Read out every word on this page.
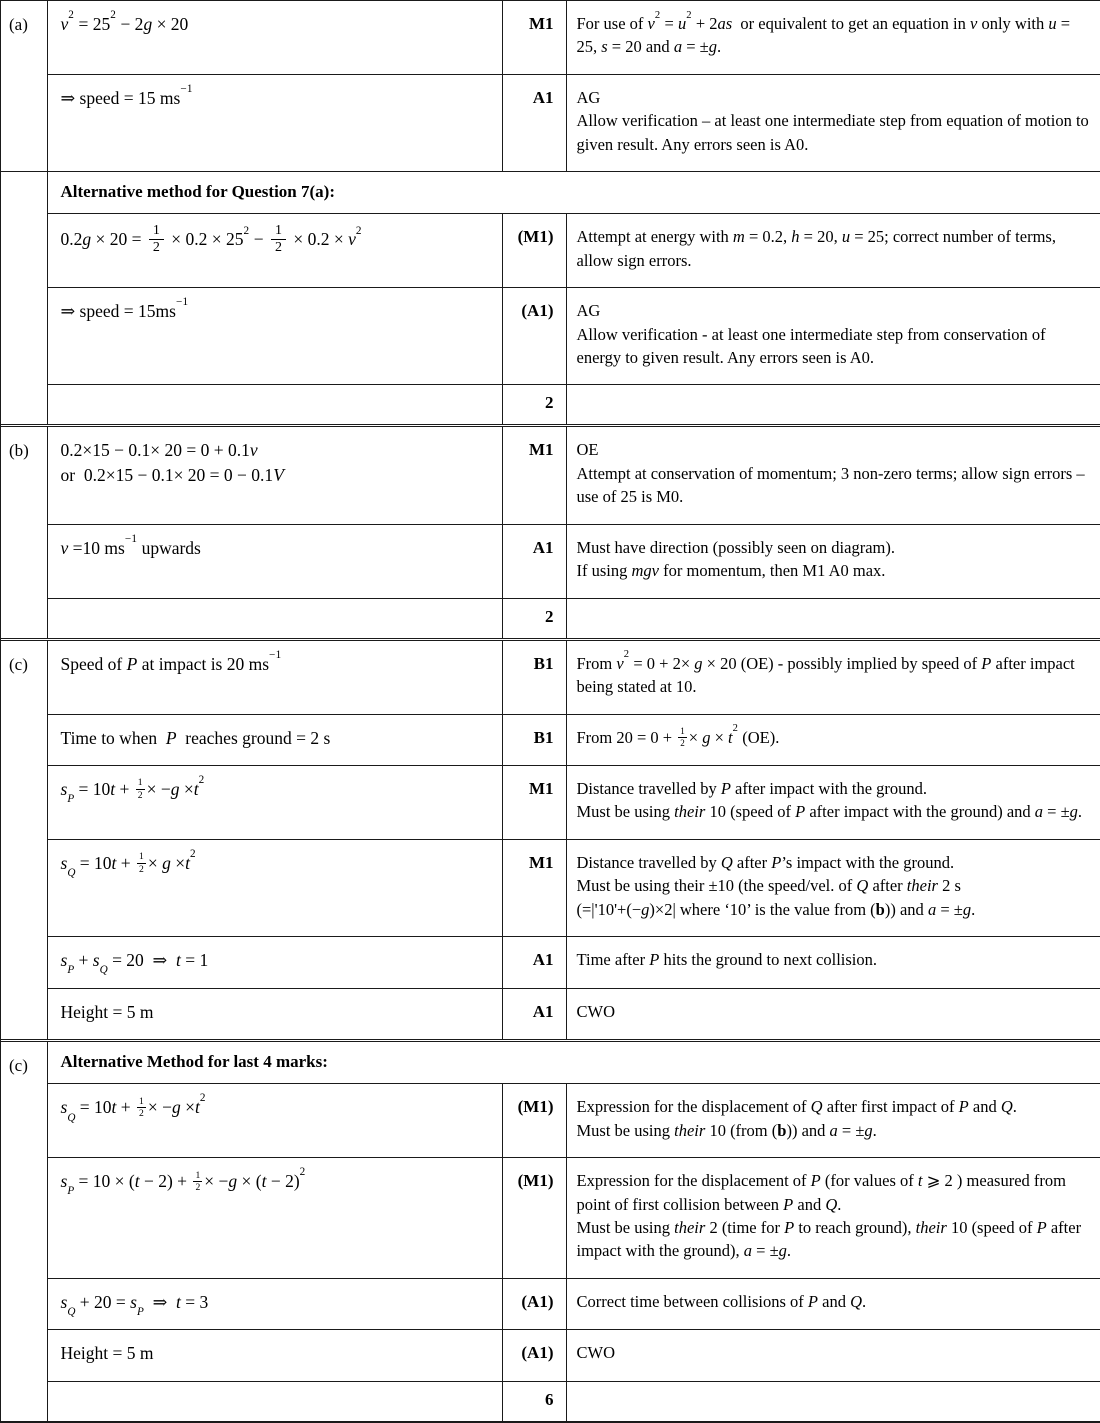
(a)	$v^2 = 25^2 - 2g \times 20$	M1	For use of $v^2 = u^2 + 2as$  or equivalent to get an equation in v only with u = 25, s = 20 and a = ±g.
	⇒ speed = 15 $ms^{-1}$	A1	AG
Allow verification – at least one intermediate step from equation of motion to given result. Any errors seen is A0.
	Alternative method for Question 7(a):		
$0.2g \times 20 = \frac{1}{2} \times 0.2 \times 25^2 - \frac{1}{2} \times 0.2 \times v^2$	(M1)	Attempt at energy with m = 0.2, h = 20, u = 25; correct number of terms, allow sign errors.
	⇒ speed = $15ms^{-1}$	(A1)	AG
Allow verification - at least one intermediate step from conservation of energy to given result. Any errors seen is A0.
		2	
(b)	0.2×15 − 0.1× 20 = 0 + 0.1v
or  0.2×15 − 0.1× 20 = 0 − 0.1V	M1	OE
Attempt at conservation of momentum; 3 non-zero terms; allow sign errors – use of 25 is M0.
	v =10 $ms^{-1}$ upwards	A1	Must have direction (possibly seen on diagram).
If using mgv for momentum, then M1 A0 max.
		2	
(c)	Speed of P at impact is 20 $ms^{-1}$	B1	From $v^2 = 0 + 2\times g \times 20$ (OE) - possibly implied by speed of P after impact being stated at 10.
	Time to when  P  reaches ground = 2 s	B1	From $20 = 0 + \frac{1}{2} \times g \times t^2$ (OE).
	$s_P = 10t + \frac{1}{2} \times -g \times t^2$	M1	Distance travelled by P after impact with the ground.
Must be using their 10 (speed of P after impact with the ground) and a = ±g.
	$s_Q = 10t + \frac{1}{2} \times g \times t^2$	M1	Distance travelled by Q after P’s impact with the ground.
Must be using their ±10 (the speed/vel. of Q after their 2 s
(=|'10'+(−g)×2| where ‘10’ is the value from (b)) and a = ±g.
	$s_P + s_Q = 20$  ⇒  t = 1	A1	Time after P hits the ground to next collision.
	Height = 5 m	A1	CWO
(c)	Alternative Method for last 4 marks:		
	$s_Q = 10t + \frac{1}{2} \times -g \times t^2$	(M1)	Expression for the displacement of Q after first impact of P and Q.
Must be using their 10 (from (b)) and a = ±g.
$s_P = 10 \times (t - 2) + \frac{1}{2} \times -g \times (t - 2)^2$	(M1)	Expression for the displacement of P (for values of t ⩾ 2 ) measured from point of first collision between P and Q.
Must be using their 2 (time for P to reach ground), their 10 (speed of P after impact with the ground), a = ±g.
	$s_Q + 20 = s_P$  ⇒  t = 3	(A1)	Correct time between collisions of P and Q.
	Height = 5 m	(A1)	CWO
		6	
